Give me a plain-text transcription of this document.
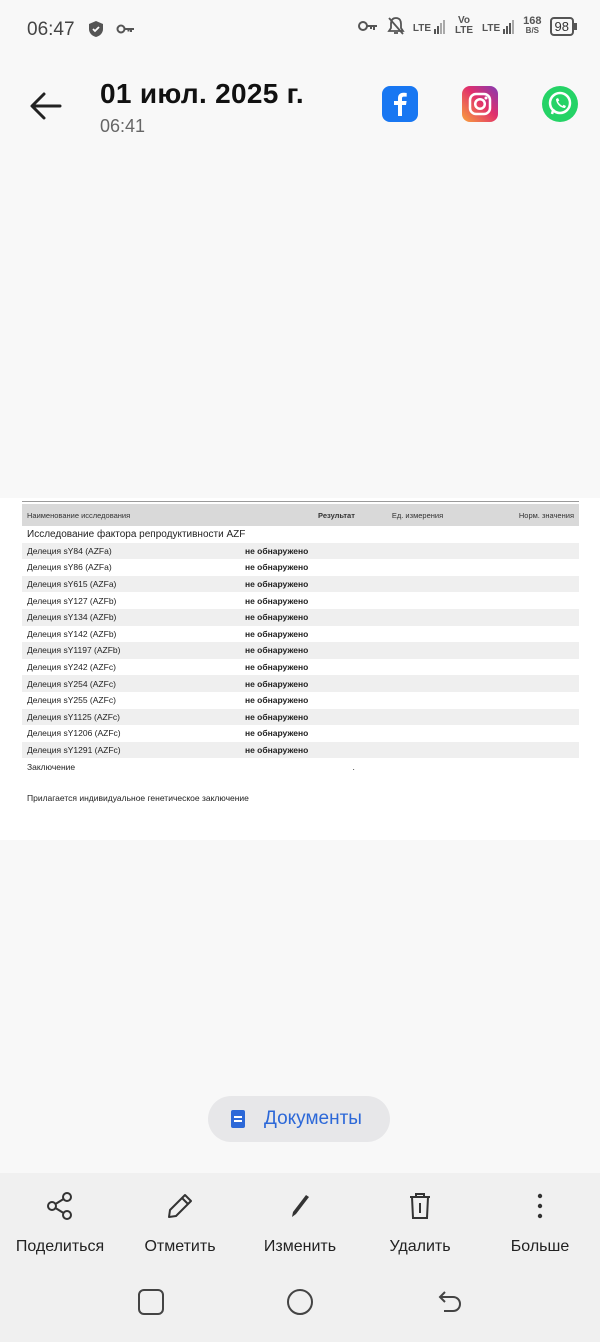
06:47	LTE
Vo LTE LTE
168
B/S	98
01 июл. 2025 г.
06:41
Наименование исследования	Результат	Ед. измерения	Норм. значения
Исследование фактора репродуктивности AZF			
Делеция sY84 (AZFa)	не обнаружено		
Делеция sY86 (AZFa)	не обнаружено		
Делеция sY615 (AZFa)	не обнаружено		
Делеция sY127 (AZFb)	не обнаружено		
Делеция sY134 (AZFb)	не обнаружено		
Делеция sY142 (AZFb)	не обнаружено		
Делеция sY1197 (AZFb)	не обнаружено		
Делеция sY242 (AZFc)	не обнаружено		
Делеция sY254 (AZFc)	не обнаружено		
Делеция sY255 (AZFc)	не обнаружено		
Делеция sY1125 (AZFc)	не обнаружено		
Делеция sY1206 (AZFc)	не обнаружено		
Делеция sY1291 (AZFc)	не обнаружено		
Заключение	.		
Прилагается индивидуальное генетическое заключение
Документы
Поделиться	Отметить	Изменить	Удалить	Больше
